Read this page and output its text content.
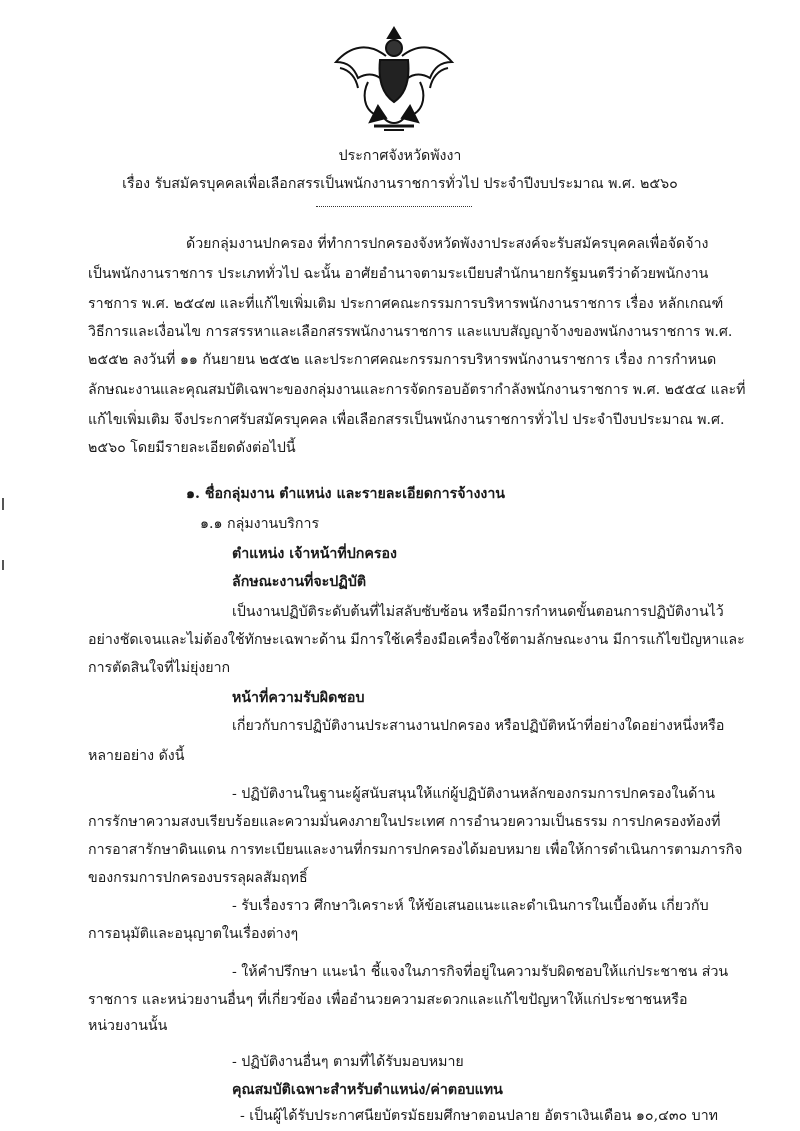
ประกาศจังหวัดพังงา
เรื่อง รับสมัครบุคคลเพื่อเลือกสรรเป็นพนักงานราชการทั่วไป ประจำปีงบประมาณ พ.ศ. ๒๕๖๐
ด้วยกลุ่มงานปกครอง ที่ทำการปกครองจังหวัดพังงาประสงค์จะรับสมัครบุคคลเพื่อจัดจ้าง
เป็นพนักงานราชการ ประเภททั่วไป ฉะนั้น อาศัยอำนาจตามระเบียบสำนักนายกรัฐมนตรีว่าด้วยพนักงาน
ราชการ พ.ศ. ๒๕๔๗ และที่แก้ไขเพิ่มเติม ประกาศคณะกรรมการบริหารพนักงานราชการ เรื่อง หลักเกณฑ์
วิธีการและเงื่อนไข การสรรหาและเลือกสรรพนักงานราชการ และแบบสัญญาจ้างของพนักงานราชการ พ.ศ.
๒๕๕๒ ลงวันที่ ๑๑ กันยายน ๒๕๕๒ และประกาศคณะกรรมการบริหารพนักงานราชการ เรื่อง การกำหนด
ลักษณะงานและคุณสมบัติเฉพาะของกลุ่มงานและการจัดกรอบอัตรากำลังพนักงานราชการ พ.ศ. ๒๕๕๔ และที่
แก้ไขเพิ่มเติม จึงประกาศรับสมัครบุคคล เพื่อเลือกสรรเป็นพนักงานราชการทั่วไป ประจำปีงบประมาณ พ.ศ.
๒๕๖๐ โดยมีรายละเอียดดังต่อไปนี้
๑. ชื่อกลุ่มงาน ตำแหน่ง และรายละเอียดการจ้างงาน
๑.๑ กลุ่มงานบริการ
ตำแหน่ง เจ้าหน้าที่ปกครอง
ลักษณะงานที่จะปฏิบัติ
เป็นงานปฏิบัติระดับต้นที่ไม่สลับซับซ้อน หรือมีการกำหนดขั้นตอนการปฏิบัติงานไว้
อย่างชัดเจนและไม่ต้องใช้ทักษะเฉพาะด้าน มีการใช้เครื่องมือเครื่องใช้ตามลักษณะงาน มีการแก้ไขปัญหาและ
การตัดสินใจที่ไม่ยุ่งยาก
หน้าที่ความรับผิดชอบ
เกี่ยวกับการปฏิบัติงานประสานงานปกครอง หรือปฏิบัติหน้าที่อย่างใดอย่างหนึ่งหรือ
หลายอย่าง ดังนี้
- ปฏิบัติงานในฐานะผู้สนับสนุนให้แก่ผู้ปฏิบัติงานหลักของกรมการปกครองในด้าน
การรักษาความสงบเรียบร้อยและความมั่นคงภายในประเทศ การอำนวยความเป็นธรรม การปกครองท้องที่
การอาสารักษาดินแดน การทะเบียนและงานที่กรมการปกครองได้มอบหมาย เพื่อให้การดำเนินการตามภารกิจ
ของกรมการปกครองบรรลุผลสัมฤทธิ์
- รับเรื่องราว ศึกษาวิเคราะห์ ให้ข้อเสนอแนะและดำเนินการในเบื้องต้น เกี่ยวกับ
การอนุมัติและอนุญาตในเรื่องต่างๆ
- ให้คำปรึกษา แนะนำ ชี้แจงในภารกิจที่อยู่ในความรับผิดชอบให้แก่ประชาชน ส่วน
ราชการ และหน่วยงานอื่นๆ ที่เกี่ยวข้อง เพื่ออำนวยความสะดวกและแก้ไขปัญหาให้แก่ประชาชนหรือ
หน่วยงานนั้น
- ปฏิบัติงานอื่นๆ ตามที่ได้รับมอบหมาย
คุณสมบัติเฉพาะสำหรับตำแหน่ง/ค่าตอบแทน
- เป็นผู้ได้รับประกาศนียบัตรมัธยมศึกษาตอนปลาย อัตราเงินเดือน ๑๐,๔๓๐ บาท
